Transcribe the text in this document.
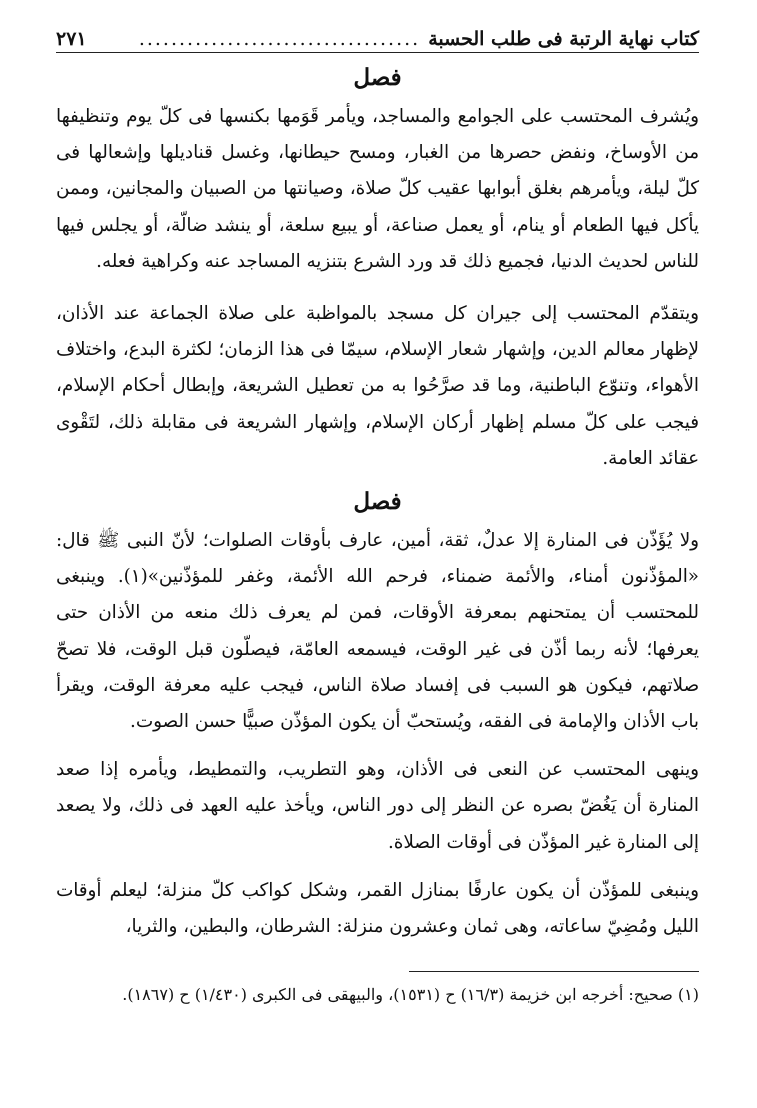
كتاب نهاية الرتبة فى طلب الحسبة
...................................
٢٧١
فصل

ويُشرف المحتسب على الجوامع والمساجد، ويأمر قَوَمها بكنسها فى كلّ يوم وتنظيفها من الأوساخ، ونفض حصرها من الغبار، ومسح حيطانها، وغسل قناديلها وإشعالها فى كلّ ليلة، ويأمرهم بغلق أبوابها عقيب كلّ صلاة، وصيانتها من الصبيان والمجانين، وممن يأكل فيها الطعام أو ينام، أو يعمل صناعة، أو يبيع سلعة، أو ينشد ضالّة، أو يجلس فيها للناس لحديث الدنيا، فجميع ذلك قد ورد الشرع بتنزيه المساجد عنه وكراهية فعله.

ويتقدّم المحتسب إلى جيران كل مسجد بالمواظبة على صلاة الجماعة عند الأذان، لإظهار معالم الدين، وإشهار شعار الإسلام، سيمّا فى هذا الزمان؛ لكثرة البدع، واختلاف الأهواء، وتنوّع الباطنية، وما قد صرَّحُوا به من تعطيل الشريعة، وإبطال أحكام الإسلام، فيجب على كلّ مسلم إظهار أركان الإسلام، وإشهار الشريعة فى مقابلة ذلك، لتَقْوى عقائد العامة.

فصل

ولا يُؤَذّن فى المنارة إلا عدلٌ، ثقة، أمين، عارف بأوقات الصلوات؛ لأنّ النبى ﷺ قال: «المؤذّنون أمناء، والأئمة ضمناء، فرحم الله الأئمة، وغفر للمؤذّنين»(١). وينبغى للمحتسب أن يمتحنهم بمعرفة الأوقات، فمن لم يعرف ذلك منعه من الأذان حتى يعرفها؛ لأنه ربما أذّن فى غير الوقت، فيسمعه العامّة، فيصلّون قبل الوقت، فلا تصحّ صلاتهم، فيكون هو السبب فى إفساد صلاة الناس، فيجب عليه معرفة الوقت، ويقرأ باب الأذان والإمامة فى الفقه، ويُستحبّ أن يكون المؤذّن صبيًّا حسن الصوت.

وينهى المحتسب عن النعى فى الأذان، وهو التطريب، والتمطيط، ويأمره إذا صعد المنارة أن يَغُضّ بصره عن النظر إلى دور الناس، ويأخذ عليه العهد فى ذلك، ولا يصعد إلى المنارة غير المؤذّن فى أوقات الصلاة.

وينبغى للمؤذّن أن يكون عارفًا بمنازل القمر، وشكل كواكب كلّ منزلة؛ ليعلم أوقات الليل ومُضِيّ ساعاته، وهى ثمان وعشرون منزلة: الشرطان، والبطين، والثريا،

(١) صحيح: أخرجه ابن خزيمة (١٦/٣) ح (١٥٣١)، والبيهقى فى الكبرى (١/٤٣٠) ح (١٨٦٧).
